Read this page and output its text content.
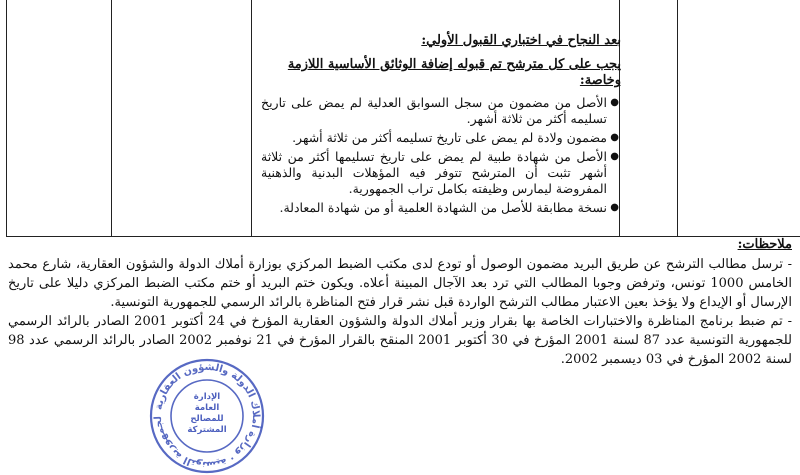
بعد النجاح في اختباري القبول الأولي:

يجب على كل مترشح تم قبوله إضافة الوثائق الأساسية اللازمة وخاصة:

●
الأصل من مضمون من سجل السوابق العدلية لم يمض على تاريخ تسليمه أكثر من ثلاثة أشهر.
●
مضمون ولادة لم يمض على تاريخ تسليمه أكثر من ثلاثة أشهر.
●
الأصل من شهادة طبية لم يمض على تاريخ تسليمها أكثر من ثلاثة أشهر تثبت أن المترشح تتوفر فيه المؤهلات البدنية والذهنية المفروضة ليمارس وظيفته بكامل تراب الجمهورية.
●
نسخة مطابقة للأصل من الشهادة العلمية أو من شهادة المعادلة.
ملاحظات:

- ترسل مطالب الترشح عن طريق البريد مضمون الوصول أو تودع لدى مكتب الضبط المركزي بوزارة أملاك الدولة والشؤون العقارية، شارع محمد الخامس 1000 تونس، وترفض وجوبا المطالب التي ترد بعد الآجال المبينة أعلاه. ويكون ختم البريد أو ختم مكتب الضبط المركزي دليلا على تاريخ الإرسال أو الإيداع ولا يؤخذ بعين الاعتبار مطالب الترشح الواردة قبل نشر قرار فتح المناظرة بالرائد الرسمي للجمهورية التونسية.

- تم ضبط برنامج المناظرة والاختبارات الخاصة بها بقرار وزير أملاك الدولة والشؤون العقارية المؤرخ في 24 أكتوبر 2001 الصادر بالرائد الرسمي للجمهورية التونسية عدد 87 لسنة 2001 المؤرخ في 30 أكتوبر 2001 المنقح بالقرار المؤرخ في 21 نوفمبر 2002 الصادر بالرائد الرسمي عدد 98 لسنة 2002 المؤرخ في 03 ديسمبر 2002.

لجمهورية التونسية · وزارة أملاك الدولة والشؤون العقارية
الإدارة
العامة
للمصالح
المشتركة
